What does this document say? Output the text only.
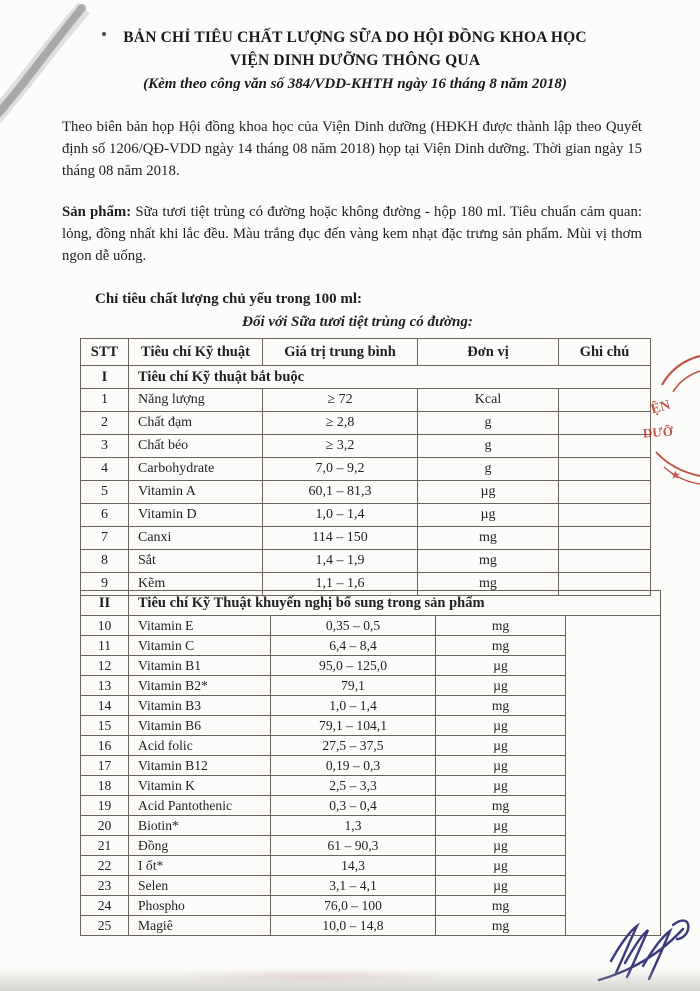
BẢN CHỈ TIÊU CHẤT LƯỢNG SỮA DO HỘI ĐỒNG KHOA HỌC
VIỆN DINH DƯỠNG THÔNG QUA
(Kèm theo công văn số 384/VDD-KHTH ngày 16 tháng 8 năm 2018)
Theo biên bản họp Hội đồng khoa học của Viện Dinh dưỡng (HĐKH được thành lập theo Quyết định số 1206/QĐ-VDD ngày 14 tháng 08 năm 2018) họp tại Viện Dinh dưỡng. Thời gian ngày 15 tháng 08 năm 2018.
Sản phẩm: Sữa tươi tiệt trùng có đường hoặc không đường - hộp 180 ml. Tiêu chuẩn cảm quan: lỏng, đồng nhất khi lắc đều. Màu trắng đục đến vàng kem nhạt đặc trưng sản phẩm. Mùi vị thơm ngon dễ uống.
Chỉ tiêu chất lượng chủ yếu trong 100 ml:
Đối với Sữa tươi tiệt trùng có đường:
STT	Tiêu chí Kỹ thuật	Giá trị trung bình	Đơn vị	Ghi chú
I	Tiêu chí Kỹ thuật bắt buộc			
1	Năng lượng	≥ 72	Kcal	
2	Chất đạm	≥ 2,8	g	
3	Chất béo	≥ 3,2	g	
4	Carbohydrate	7,0 – 9,2	g	
5	Vitamin A	60,1 – 81,3	µg	
6	Vitamin D	1,0 – 1,4	µg	
7	Canxi	114 – 150	mg	
8	Sắt	1,4 – 1,9	mg	
9	Kẽm	1,1 – 1,6	mg	
II	Tiêu chí Kỹ Thuật khuyến nghị bổ sung trong sản phẩm			
10	Vitamin E	0,35 – 0,5	mg	
11	Vitamin C	6,4 – 8,4	mg	
12	Vitamin B1	95,0 – 125,0	µg	
13	Vitamin B2*	79,1	µg	
14	Vitamin B3	1,0 – 1,4	mg	
15	Vitamin B6	79,1 – 104,1	µg	
16	Acid folic	27,5 – 37,5	µg	
17	Vitamin B12	0,19 – 0,3	µg	
18	Vitamin K	2,5 – 3,3	µg	
19	Acid Pantothenic	0,3 – 0,4	mg	
20	Biotin*	1,3	µg	
21	Đồng	61 – 90,3	µg	
22	I ốt*	14,3	µg	
23	Selen	3,1 – 4,1	µg	
24	Phospho	76,0 – 100	mg	
25	Magiê	10,0 – 14,8	mg	
ỆN
DƯỠ
★
